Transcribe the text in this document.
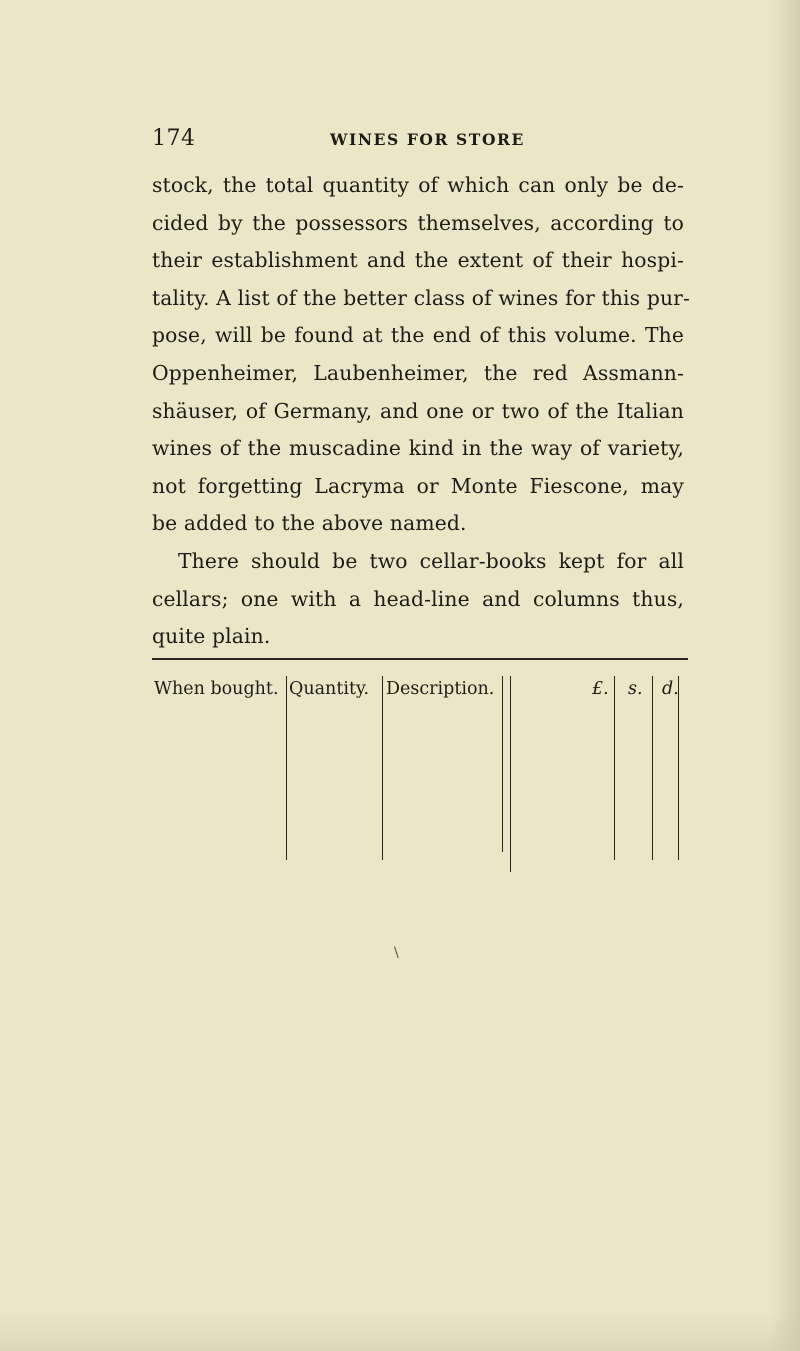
174	WINES FOR STORE
stock, the total quantity of which can only be de-
cided by the possessors themselves, according to
their establishment and the extent of their hospi-
tality. A list of the better class of wines for this pur-
pose, will be found at the end of this volume. The
Oppenheimer, Laubenheimer, the red Assmann-
shäuser, of Germany, and one or two of the Italian
wines of the muscadine kind in the way of variety,
not forgetting Lacryma or Monte Fiescone, may
be added to the above named.
There should be two cellar-books kept for all
cellars; one with a head-line and columns thus,
quite plain.
When bought. Quantity. Description.	£. s. d.
\
